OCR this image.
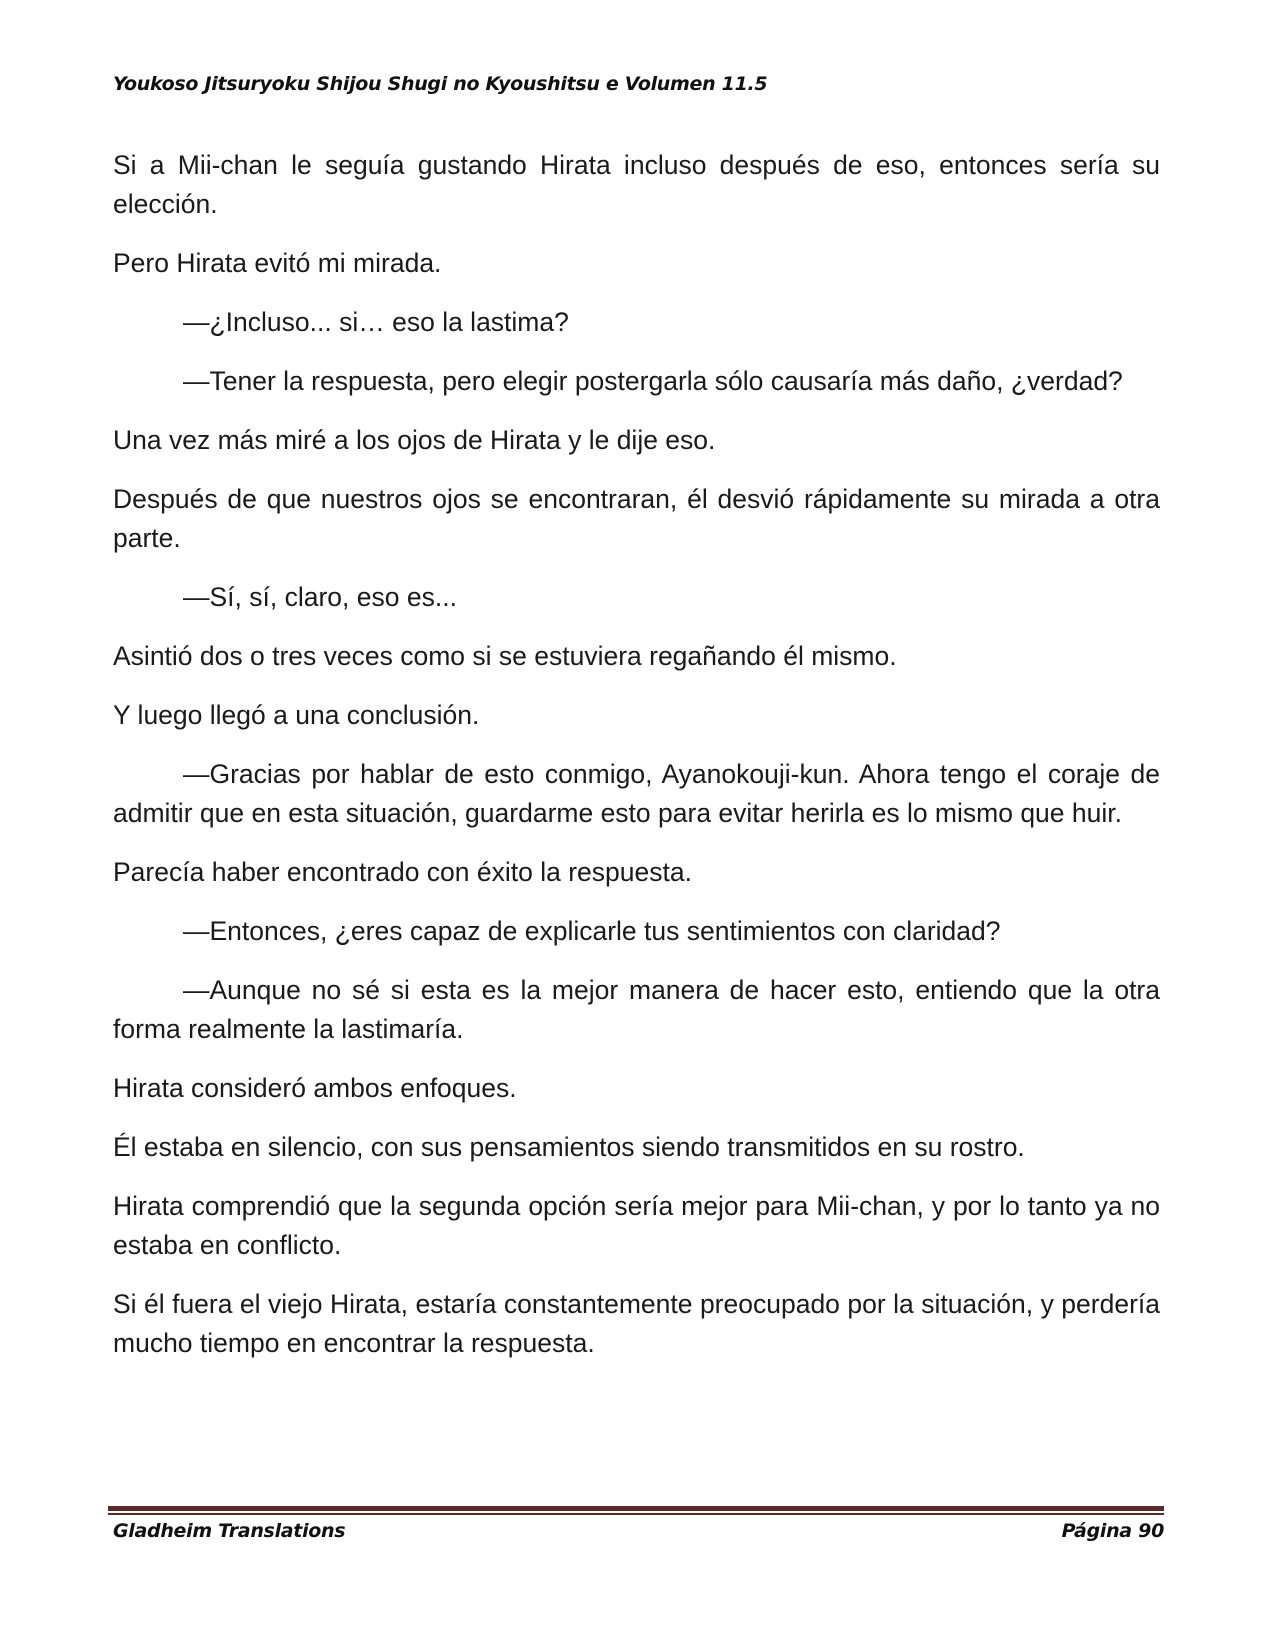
Youkoso Jitsuryoku Shijou Shugi no Kyoushitsu e Volumen 11.5

Si a Mii-chan le seguía gustando Hirata incluso después de eso, entonces sería su elección.

Pero Hirata evitó mi mirada.

—¿Incluso... si… eso la lastima?

—Tener la respuesta, pero elegir postergarla sólo causaría más daño, ¿verdad?

Una vez más miré a los ojos de Hirata y le dije eso.

Después de que nuestros ojos se encontraran, él desvió rápidamente su mirada a otra parte.

—Sí, sí, claro, eso es...

Asintió dos o tres veces como si se estuviera regañando él mismo.

Y luego llegó a una conclusión.

—Gracias por hablar de esto conmigo, Ayanokouji-kun. Ahora tengo el coraje de admitir que en esta situación, guardarme esto para evitar herirla es lo mismo que huir.

Parecía haber encontrado con éxito la respuesta.

—Entonces, ¿eres capaz de explicarle tus sentimientos con claridad?

—Aunque no sé si esta es la mejor manera de hacer esto, entiendo que la otra forma realmente la lastimaría.

Hirata consideró ambos enfoques.

Él estaba en silencio, con sus pensamientos siendo transmitidos en su rostro.

Hirata comprendió que la segunda opción sería mejor para Mii-chan, y por lo tanto ya no estaba en conflicto.

Si él fuera el viejo Hirata, estaría constantemente preocupado por la situación, y perdería mucho tiempo en encontrar la respuesta.

Gladheim Translations	Página 90
